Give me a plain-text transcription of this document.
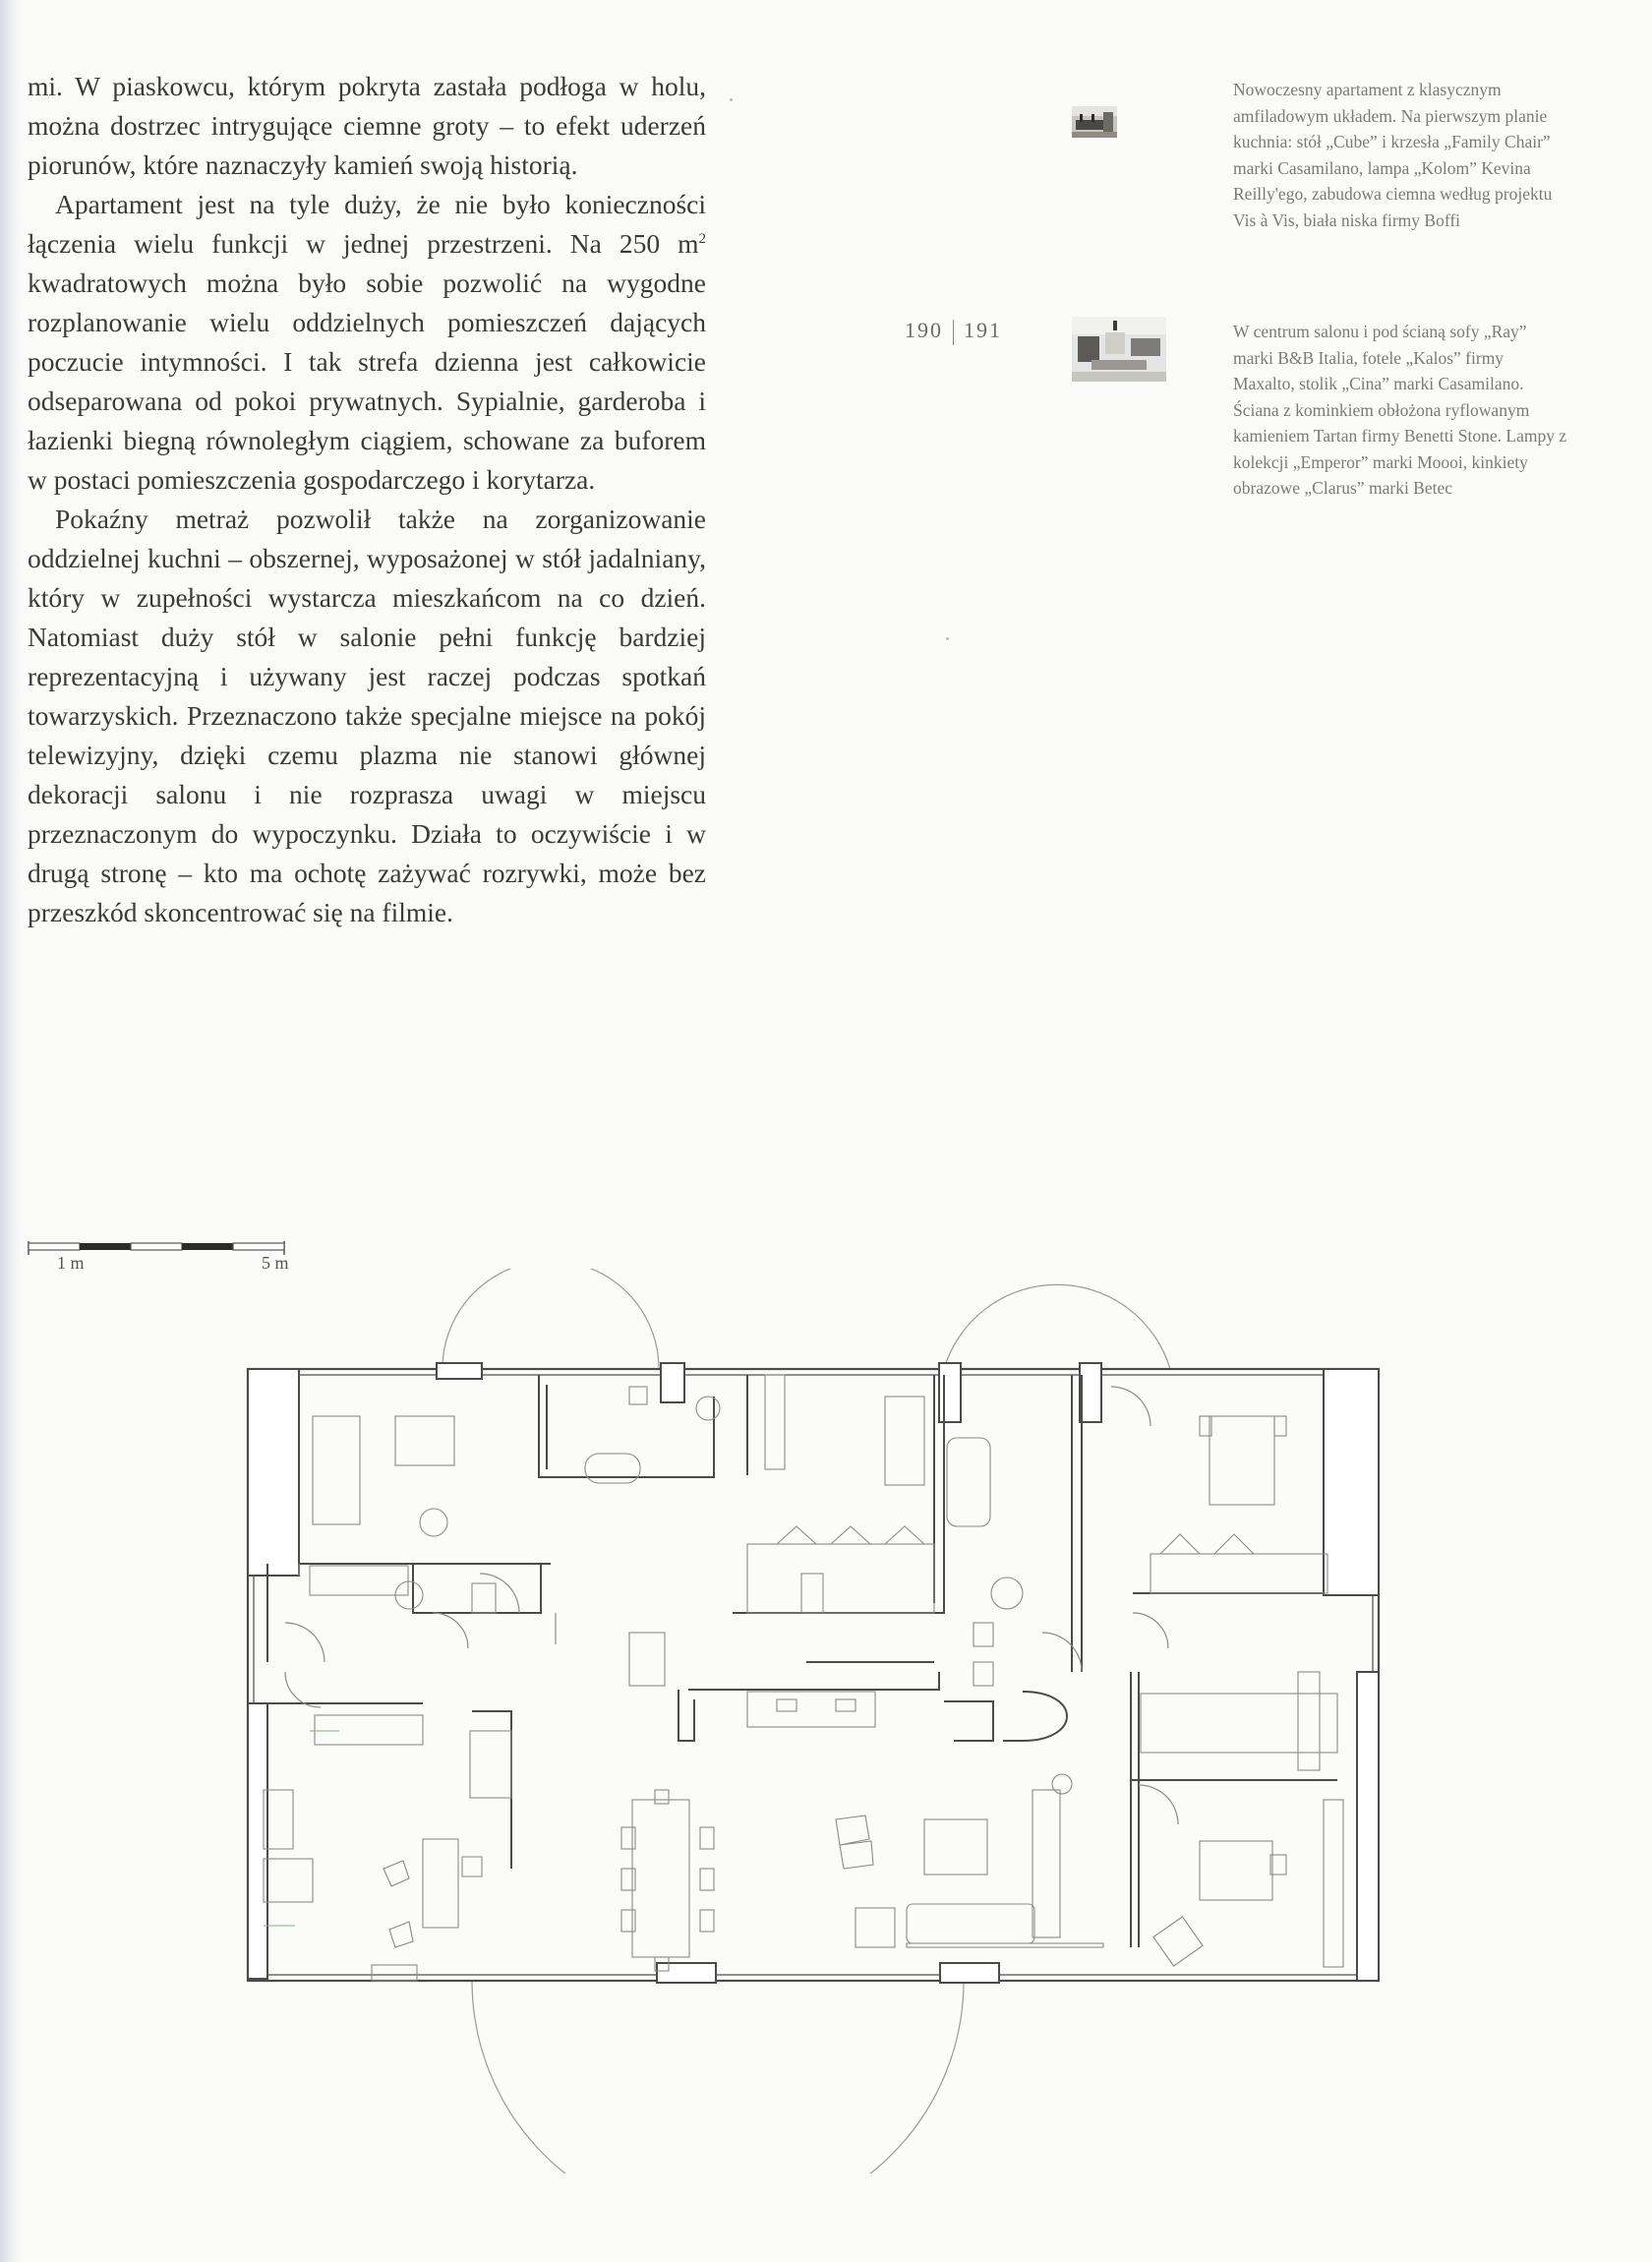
mi. W piaskowcu, którym pokryta zastała podłoga w holu, można dostrzec intrygujące ciemne groty – to efekt uderzeń piorunów, które naznaczyły kamień swoją historią.

Apartament jest na tyle duży, że nie było konieczności łączenia wielu funkcji w jednej przestrzeni. Na 250 $m^2$ kwadratowych można było sobie pozwolić na wygodne rozplanowanie wielu oddzielnych pomieszczeń dających poczucie intymności. I tak strefa dzienna jest całkowicie odseparowana od pokoi prywatnych. Sypialnie, garderoba i łazienki biegną równoległym ciągiem, schowane za buforem w postaci pomieszczenia gospodarczego i korytarza.

Pokaźny metraż pozwolił także na zorganizowanie oddzielnej kuchni – obszernej, wyposażonej w stół jadalniany, który w zupełności wystarcza mieszkańcom na co dzień. Natomiast duży stół w salonie pełni funkcję bardziej reprezentacyjną i używany jest raczej podczas spotkań towarzyskich. Przeznaczono także specjalne miejsce na pokój telewizyjny, dzięki czemu plazma nie stanowi głównej dekoracji salonu i nie rozprasza uwagi w miejscu przeznaczonym do wypoczynku. Działa to oczywiście i w drugą stronę – kto ma ochotę zażywać rozrywki, może bez przeszkód skoncentrować się na filmie.

Nowoczesny apartament z klasycznym amfiladowym układem. Na pierwszym planie kuchnia: stół „Cube” i krzesła „Family Chair” marki Casamilano, lampa „Kolom” Kevina Reilly'ego, zabudowa ciemna według projektu Vis à Vis, biała niska firmy Boffi
190 191	W centrum salonu i pod ścianą sofy „Ray” marki B&B Italia, fotele „Kalos” firmy Maxalto, stolik „Cina” marki Casamilano. Ściana z kominkiem obłożona ryflowanym kamieniem Tartan firmy Benetti Stone. Lampy z kolekcji „Emperor” marki Moooi, kinkiety obrazowe „Clarus” marki Betec
1 m	5 m
